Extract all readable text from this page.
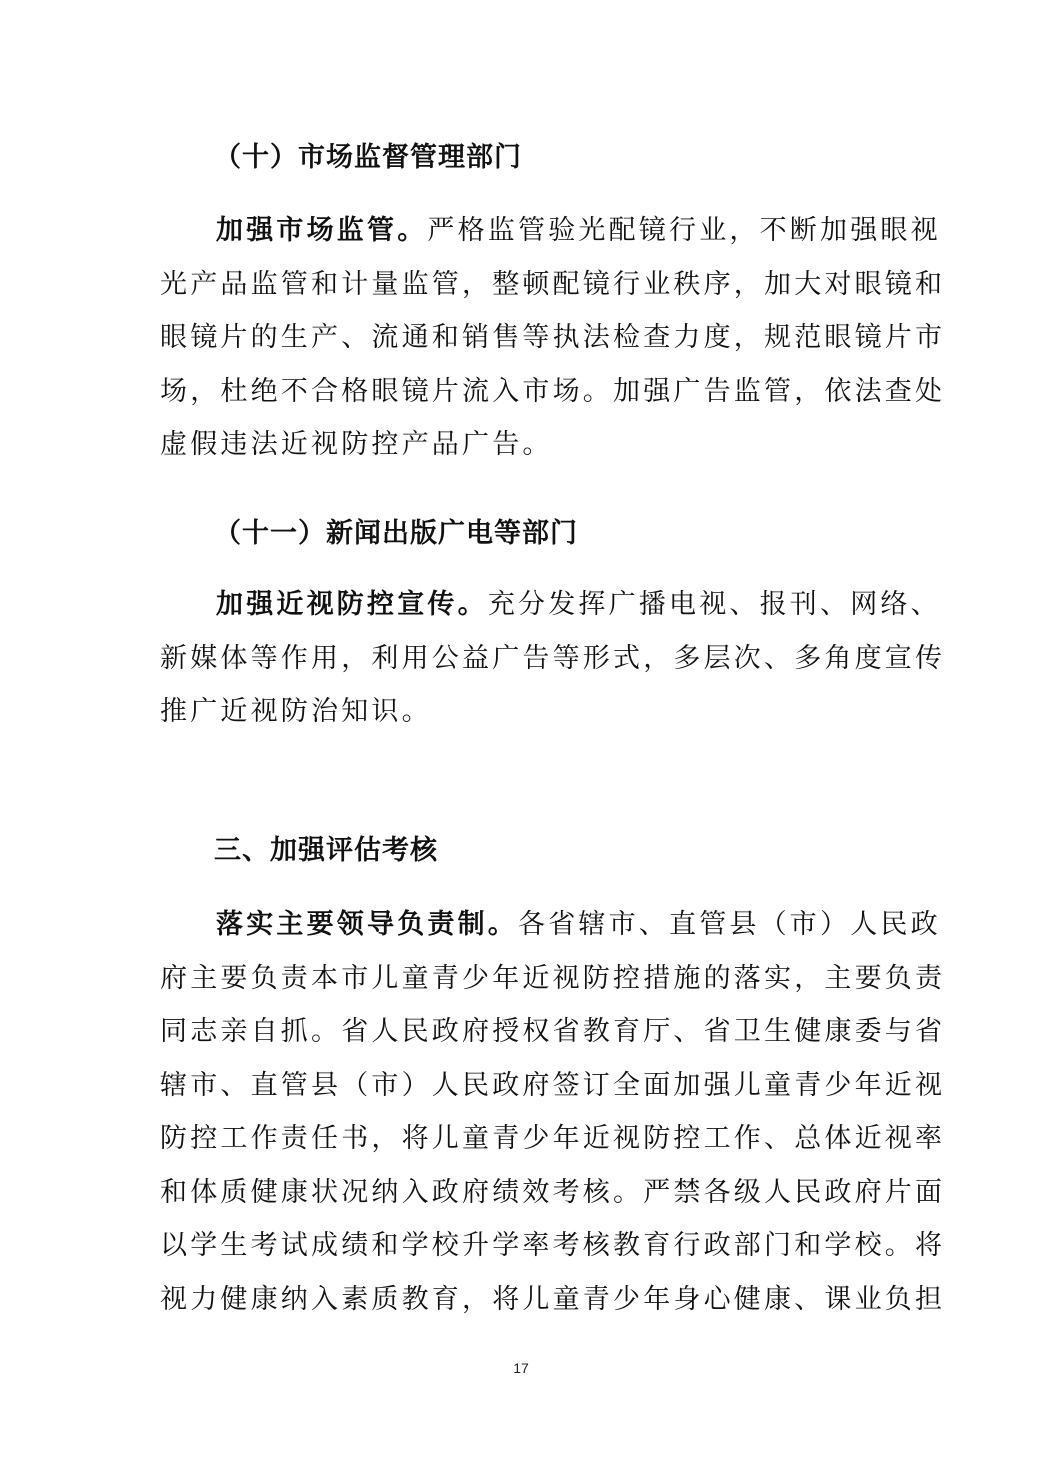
（十）市场监督管理部门
加强市场监管。严格监管验光配镜行业，不断加强眼视
光产品监管和计量监管，整顿配镜行业秩序，加大对眼镜和
眼镜片的生产、流通和销售等执法检查力度，规范眼镜片市
场，杜绝不合格眼镜片流入市场。加强广告监管，依法查处
虚假违法近视防控产品广告。
（十一）新闻出版广电等部门
加强近视防控宣传。充分发挥广播电视、报刊、网络、
新媒体等作用，利用公益广告等形式，多层次、多角度宣传
推广近视防治知识。
三、加强评估考核
落实主要领导负责制。各省辖市、直管县（市）人民政
府主要负责本市儿童青少年近视防控措施的落实，主要负责
同志亲自抓。省人民政府授权省教育厅、省卫生健康委与省
辖市、直管县（市）人民政府签订全面加强儿童青少年近视
防控工作责任书，将儿童青少年近视防控工作、总体近视率
和体质健康状况纳入政府绩效考核。严禁各级人民政府片面
以学生考试成绩和学校升学率考核教育行政部门和学校。将
视力健康纳入素质教育，将儿童青少年身心健康、课业负担
17
